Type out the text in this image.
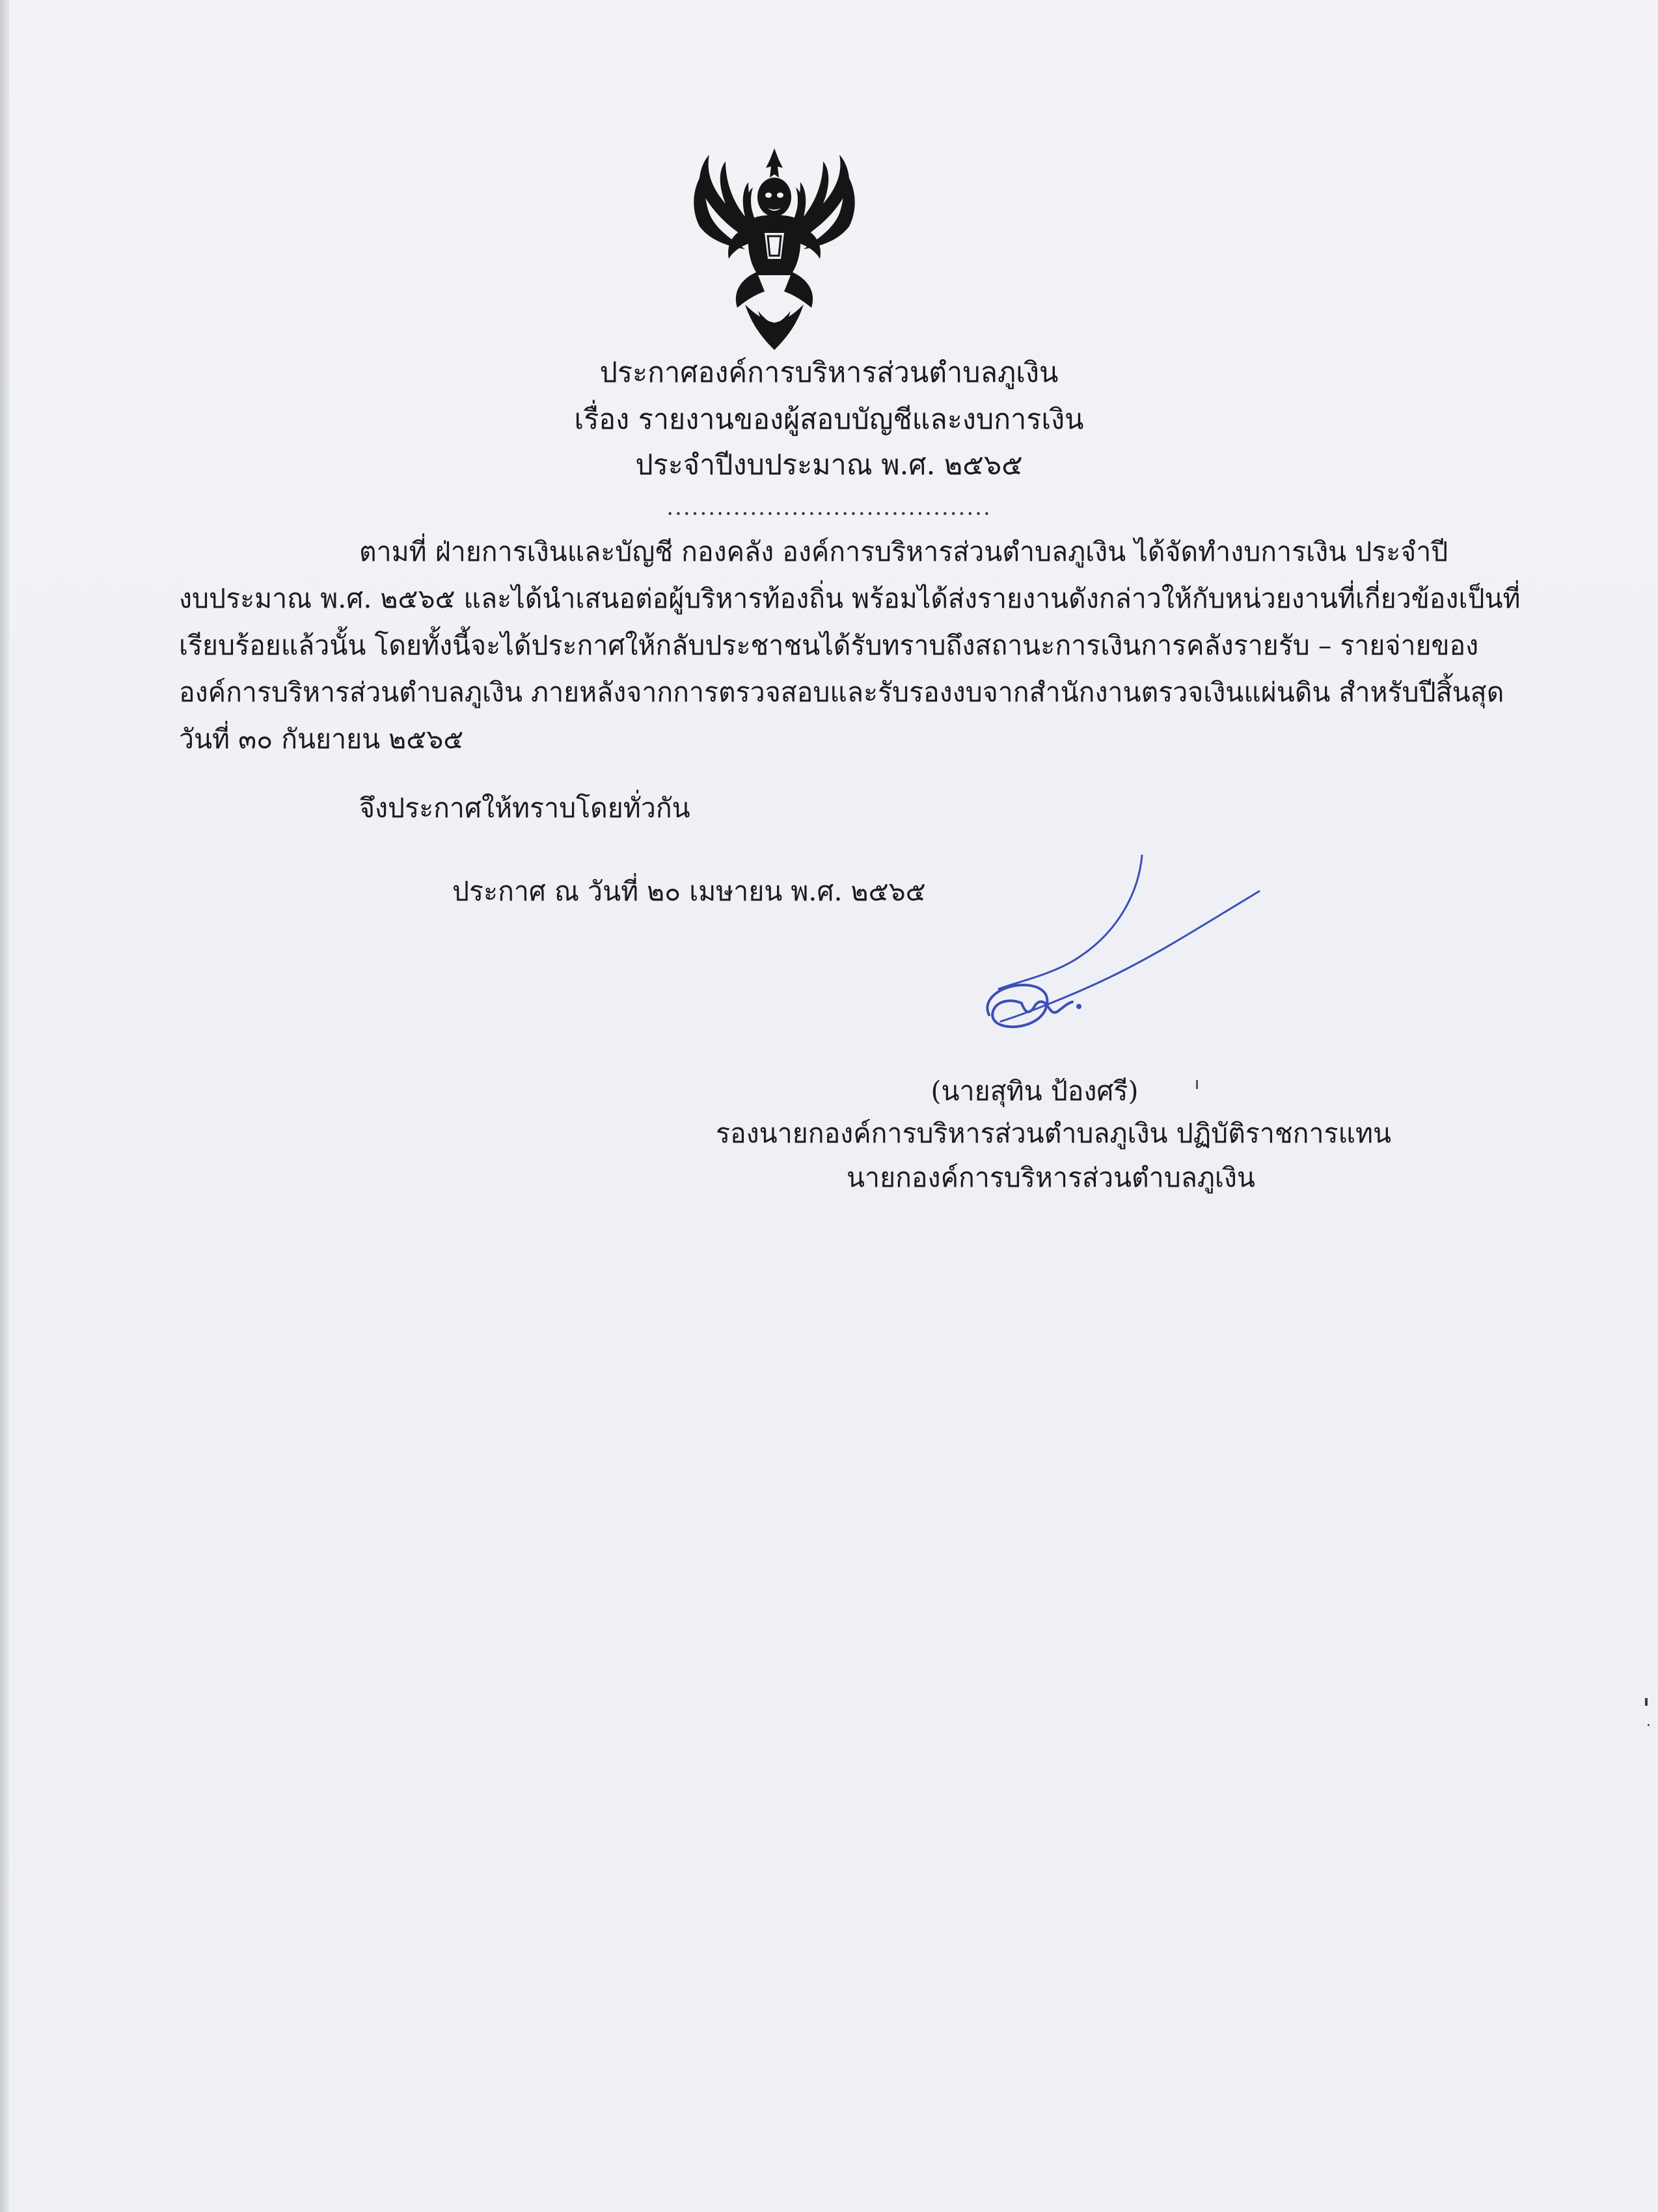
ประกาศองค์การบริหารส่วนตำบลภูเงิน
เรื่อง รายงานของผู้สอบบัญชีและงบการเงิน
ประจำปีงบประมาณ พ.ศ. ๒๕๖๕
.......................................
ตามที่ ฝ่ายการเงินและบัญชี กองคลัง องค์การบริหารส่วนตำบลภูเงิน ได้จัดทำงบการเงิน ประจำปี
งบประมาณ พ.ศ. ๒๕๖๕ และได้นำเสนอต่อผู้บริหารท้องถิ่น พร้อมได้ส่งรายงานดังกล่าวให้กับหน่วยงานที่เกี่ยวข้องเป็นที่
เรียบร้อยแล้วนั้น โดยทั้งนี้จะได้ประกาศให้กลับประชาชนได้รับทราบถึงสถานะการเงินการคลังรายรับ – รายจ่ายของ
องค์การบริหารส่วนตำบลภูเงิน ภายหลังจากการตรวจสอบและรับรองงบจากสำนักงานตรวจเงินแผ่นดิน สำหรับปีสิ้นสุด
วันที่ ๓๐ กันยายน ๒๕๖๕
จึงประกาศให้ทราบโดยทั่วกัน
ประกาศ ณ วันที่ ๒๐ เมษายน พ.ศ. ๒๕๖๕
(นายสุทิน ป้องศรี)
รองนายกองค์การบริหารส่วนตำบลภูเงิน ปฏิบัติราชการแทน
นายกองค์การบริหารส่วนตำบลภูเงิน
